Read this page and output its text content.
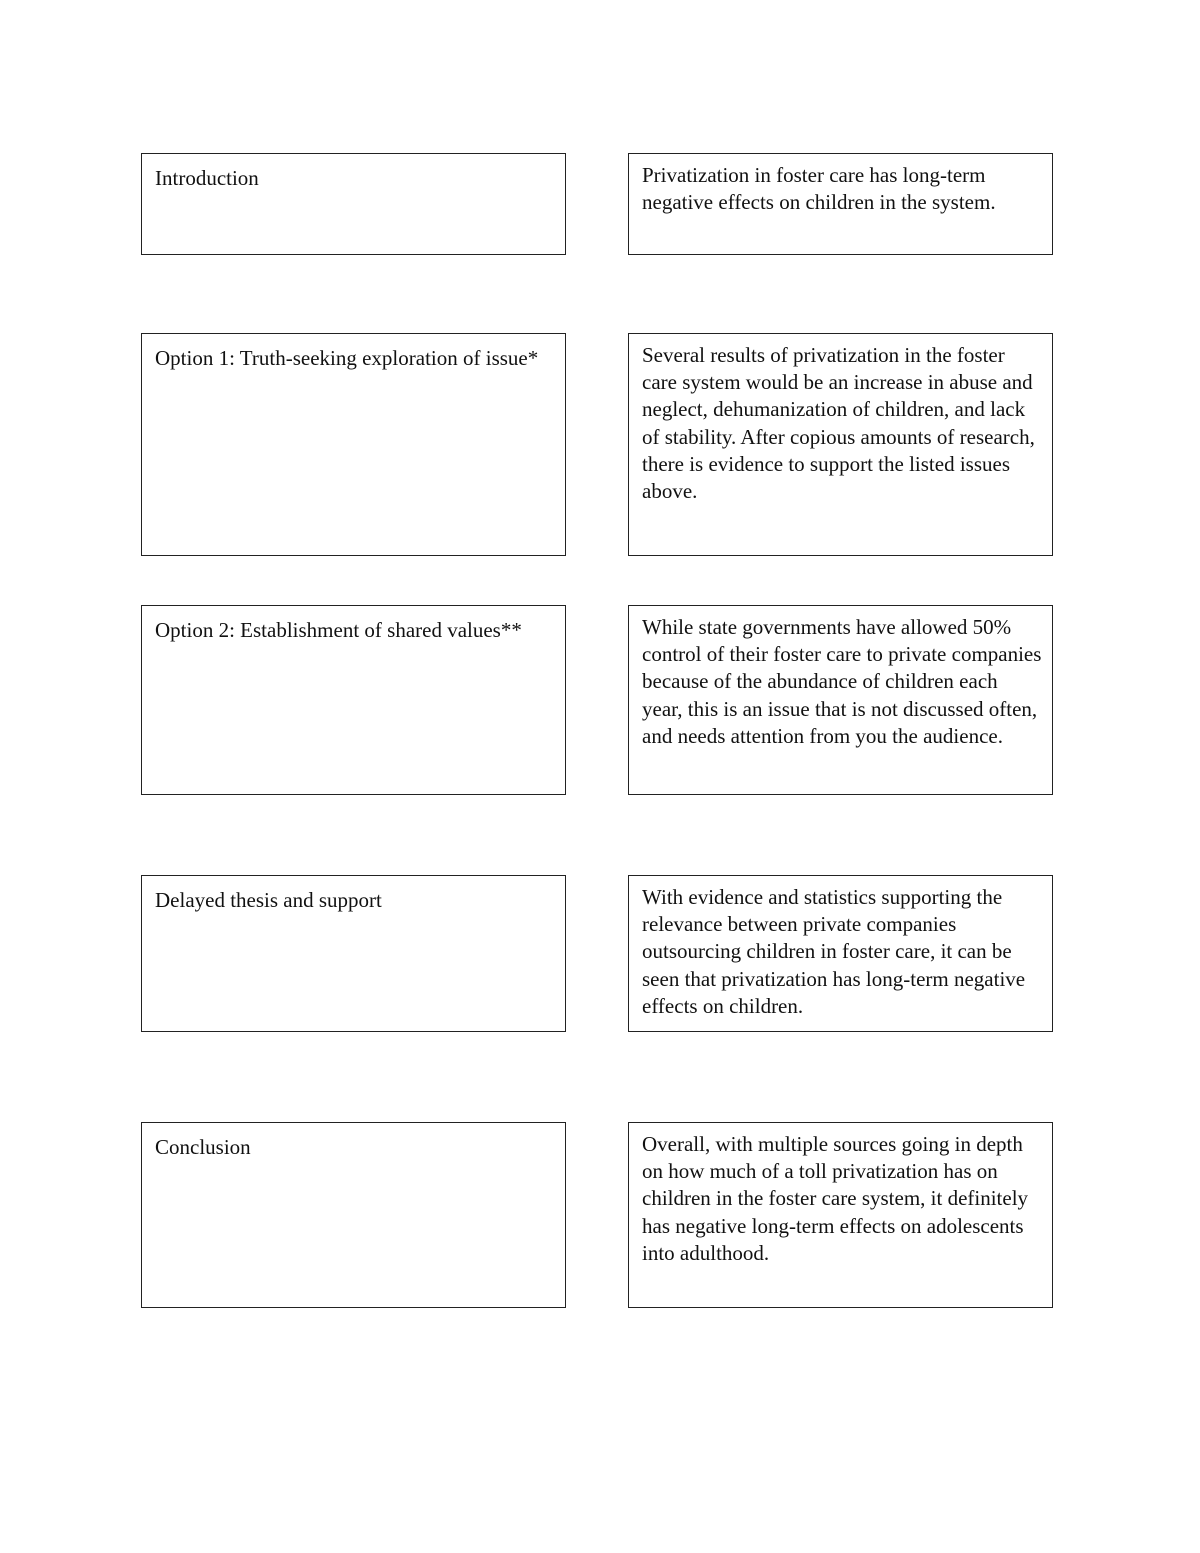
Introduction	Privatization in foster care has long-term negative effects on children in the system.
Option 1: Truth-seeking exploration of issue*	Several results of privatization in the foster care system would be an increase in abuse and neglect, dehumanization of children, and lack of stability. After copious amounts of research, there is evidence to support the listed issues above.
Option 2: Establishment of shared values**	While state governments have allowed 50% control of their foster care to private companies because of the abundance of children each year, this is an issue that is not discussed often, and needs attention from you the audience.
Delayed thesis and support	With evidence and statistics supporting the relevance between private companies outsourcing children in foster care, it can be seen that privatization has long-term negative effects on children.
Conclusion	Overall, with multiple sources going in depth on how much of a toll privatization has on children in the foster care system, it definitely has negative long-term effects on adolescents into adulthood.
